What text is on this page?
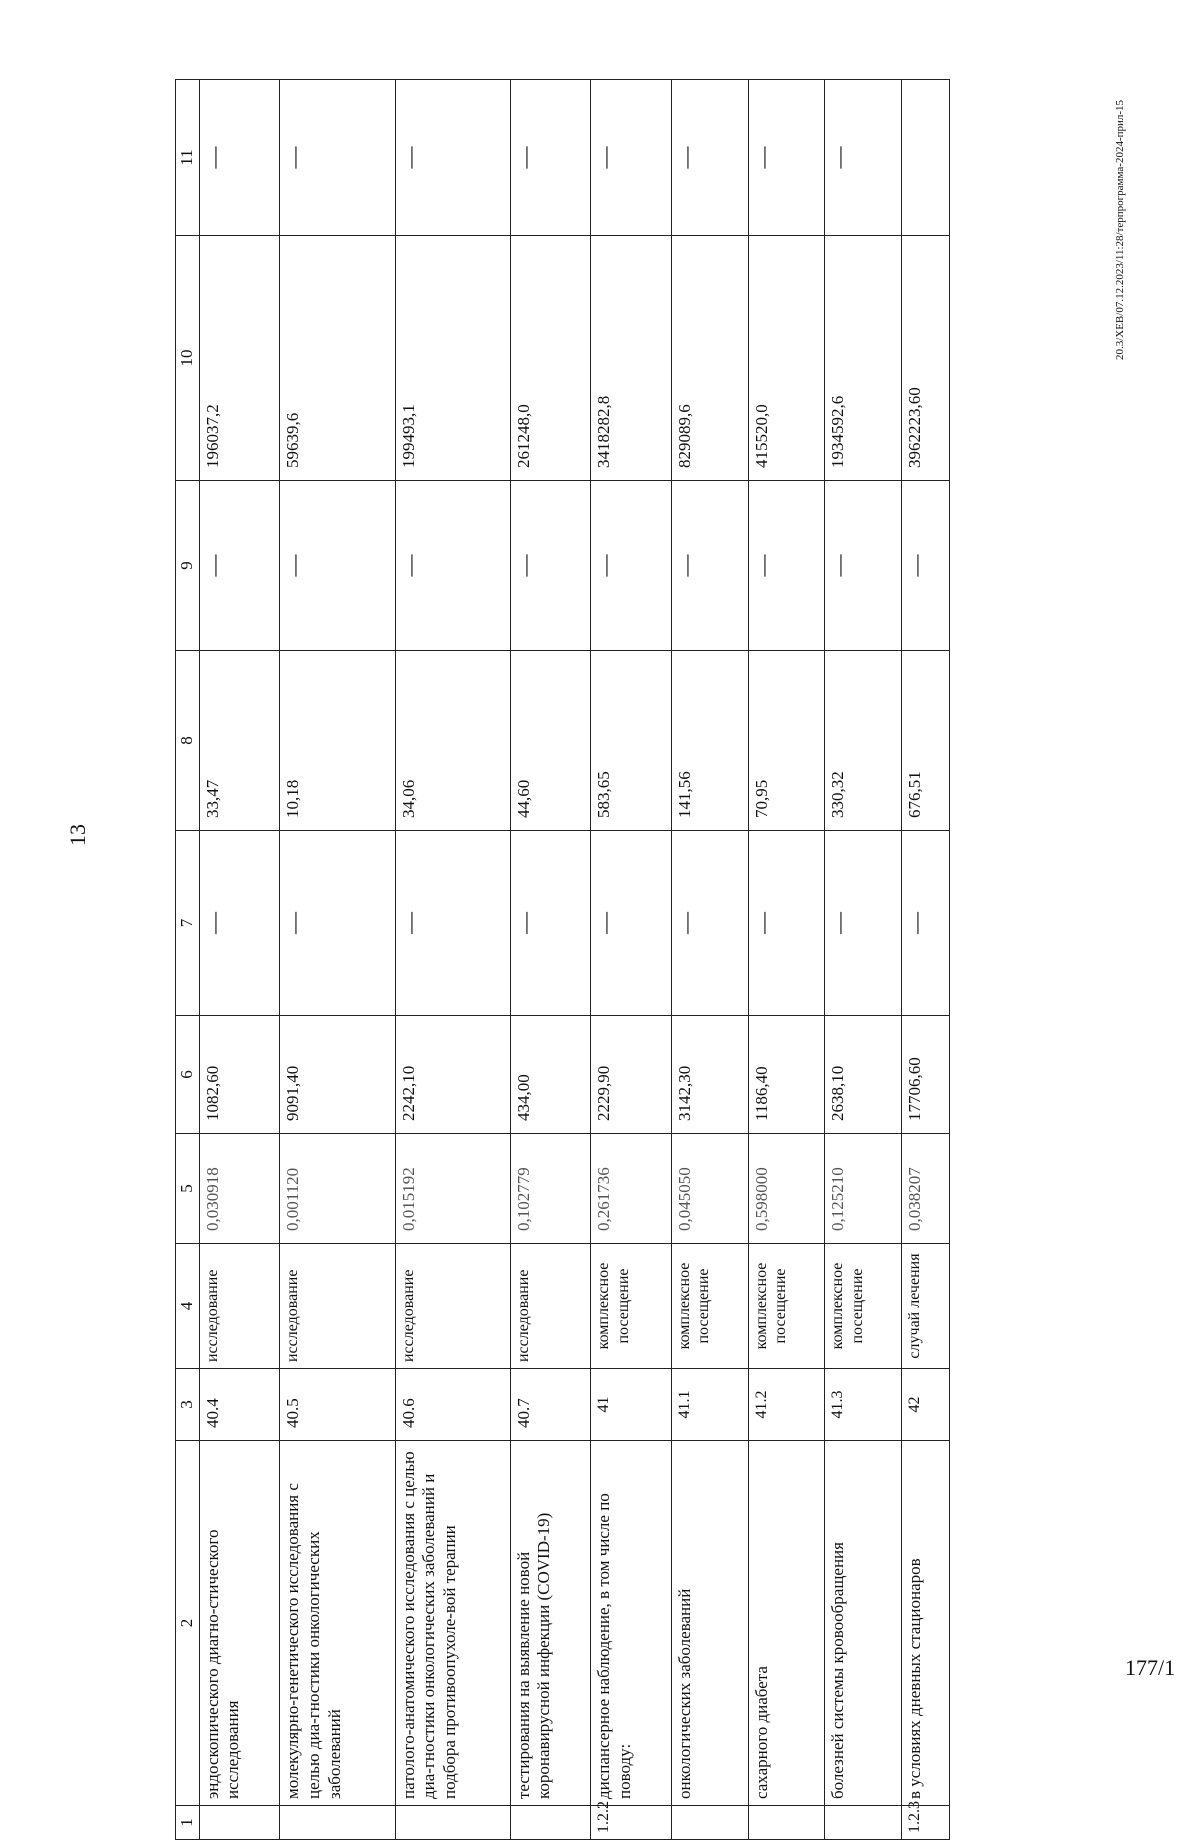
13
20.3/ХЕВ/07.12.2023/11:28/терпрограмма-2024-прил-15
177/1
1	2	3	4	5	6	7	8	9	10	11
	эндоскопического диагно-стического исследования	40.4	исследование	0,030918	1082,60	—	33,47	—	196037,2	—
	молекулярно-генетического исследования с целью диа-гностики онкологических заболеваний	40.5	исследование	0,001120	9091,40	—	10,18	—	59639,6	—
	патолого-анатомического исследования с целью диа-гностики онкологических заболеваний и подбора противоопухоле-вой терапии	40.6	исследование	0,015192	2242,10	—	34,06	—	199493,1	—
	тестирования на выявление новой коронавирусной инфекции (COVID-19)	40.7	исследование	0,102779	434,00	—	44,60	—	261248,0	—
1.2.2	диспансерное наблюдение, в том числе по поводу:	41	комплексное посещение	0,261736	2229,90	—	583,65	—	3418282,8	—
	онкологических заболеваний	41.1	комплексное посещение	0,045050	3142,30	—	141,56	—	829089,6	—
	сахарного диабета	41.2	комплексное посещение	0,598000	1186,40	—	70,95	—	415520,0	—
	болезней системы кровообращения	41.3	комплексное посещение	0,125210	2638,10	—	330,32	—	1934592,6	—
1.2.3	в условиях дневных стационаров	42	случай лечения	0,038207	17706,60	—	676,51	—	3962223,60	
